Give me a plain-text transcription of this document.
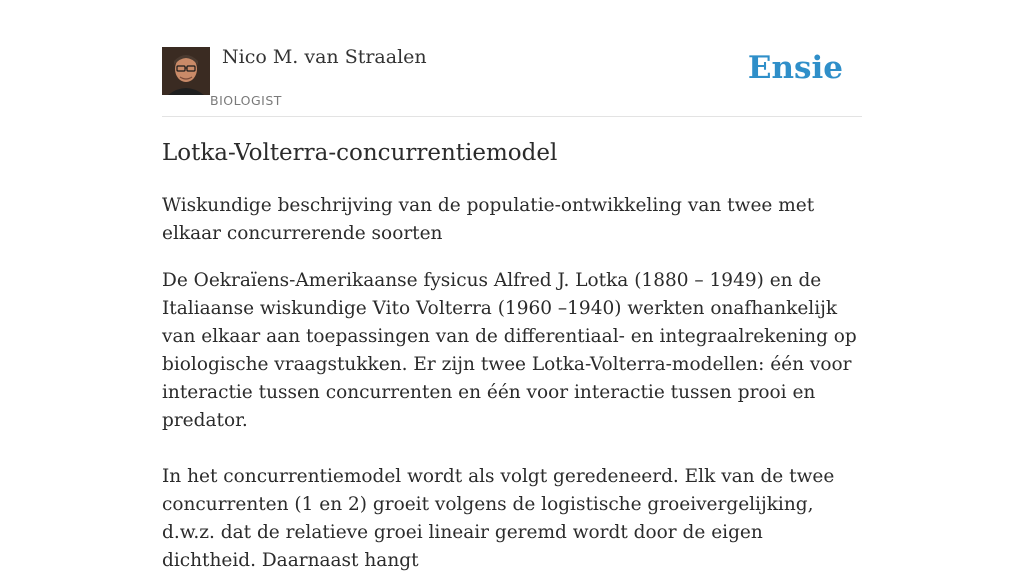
Nico M. van Straalen
BIOLOGIST
Ensie
Lotka-Volterra-concurrentiemodel

Wiskundige beschrijving van de populatie-ontwikkeling van twee met elkaar concurrerende soorten

De Oekraïens-Amerikaanse fysicus Alfred J. Lotka (1880 – 1949) en de Italiaanse wiskundige Vito Volterra (1960 –1940) werkten onafhankelijk van elkaar aan toepassingen van de differentiaal- en integraalrekening op biologische vraagstukken. Er zijn twee Lotka-Volterra-modellen: één voor interactie tussen concurrenten en één voor interactie tussen prooi en predator.
In het concurrentiemodel wordt als volgt geredeneerd. Elk van de twee concurrenten (1 en 2) groeit volgens de logistische groeivergelijking, d.w.z. dat de relatieve groei lineair geremd wordt door de eigen dichtheid. Daarnaast hangt
